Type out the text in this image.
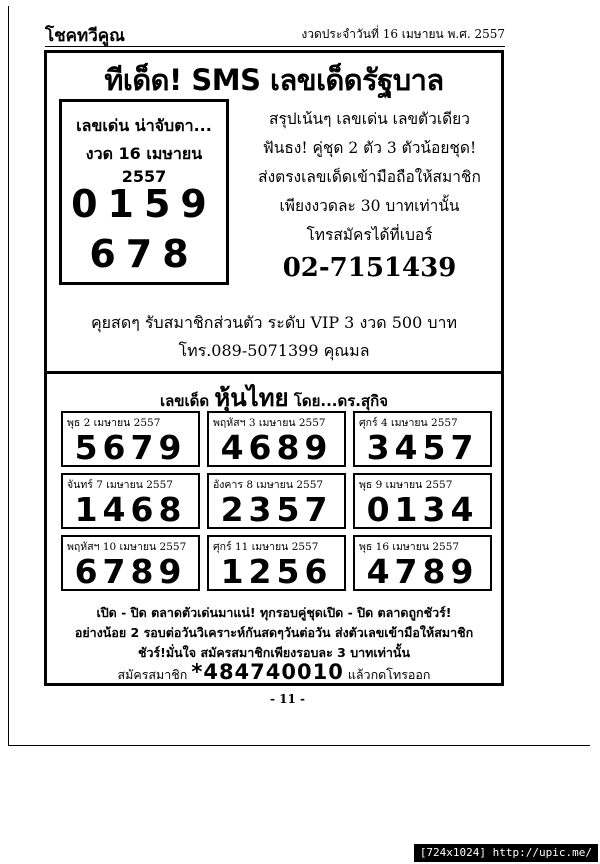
โชคทวีคูณ	งวดประจำวันที่ 16 เมษายน พ.ศ. 2557
ทีเด็ด! SMS เลขเด็ดรัฐบาล
เลขเด่น น่าจับตา...
งวด 16 เมษายน 2557
0159
678
สรุปเน้นๆ เลขเด่น เลขตัวเดียว
ฟันธง! คู่ชุด 2 ตัว 3 ตัวน้อยชุด!
ส่งตรงเลขเด็ดเข้ามือถือให้สมาชิก
เพียงงวดละ 30 บาทเท่านั้น
โทรสมัครได้ที่เบอร์
02-7151439
คุยสดๆ รับสมาชิกส่วนตัว ระดับ VIP 3 งวด 500 บาท
โทร.089-5071399 คุณมล
เลขเด็ด หุ้นไทย โดย...ดร.สุกิจ
พุธ 2 เมษายน 2557
5679
พฤหัสฯ 3 เมษายน 2557
4689
ศุกร์ 4 เมษายน 2557
3457
จันทร์ 7 เมษายน 2557
1468
อังคาร 8 เมษายน 2557
2357
พุธ 9 เมษายน 2557
0134
พฤหัสฯ 10 เมษายน 2557
6789
ศุกร์ 11 เมษายน 2557
1256
พุธ 16 เมษายน 2557
4789
เปิด - ปิด ตลาดตัวเด่นมาแน่! ทุกรอบคู่ชุดเปิด - ปิด ตลาดถูกชัวร์!
อย่างน้อย 2 รอบต่อวันวิเคราะห์กันสดๆวันต่อวัน ส่งตัวเลขเข้ามือให้สมาชิก
ชัวร์!มั่นใจ สมัครสมาชิกเพียงรอบละ 3 บาทเท่านั้น
สมัครสมาชิก *484740010 แล้วกดโทรออก
- 11 -
[724x1024] http://upic.me/
